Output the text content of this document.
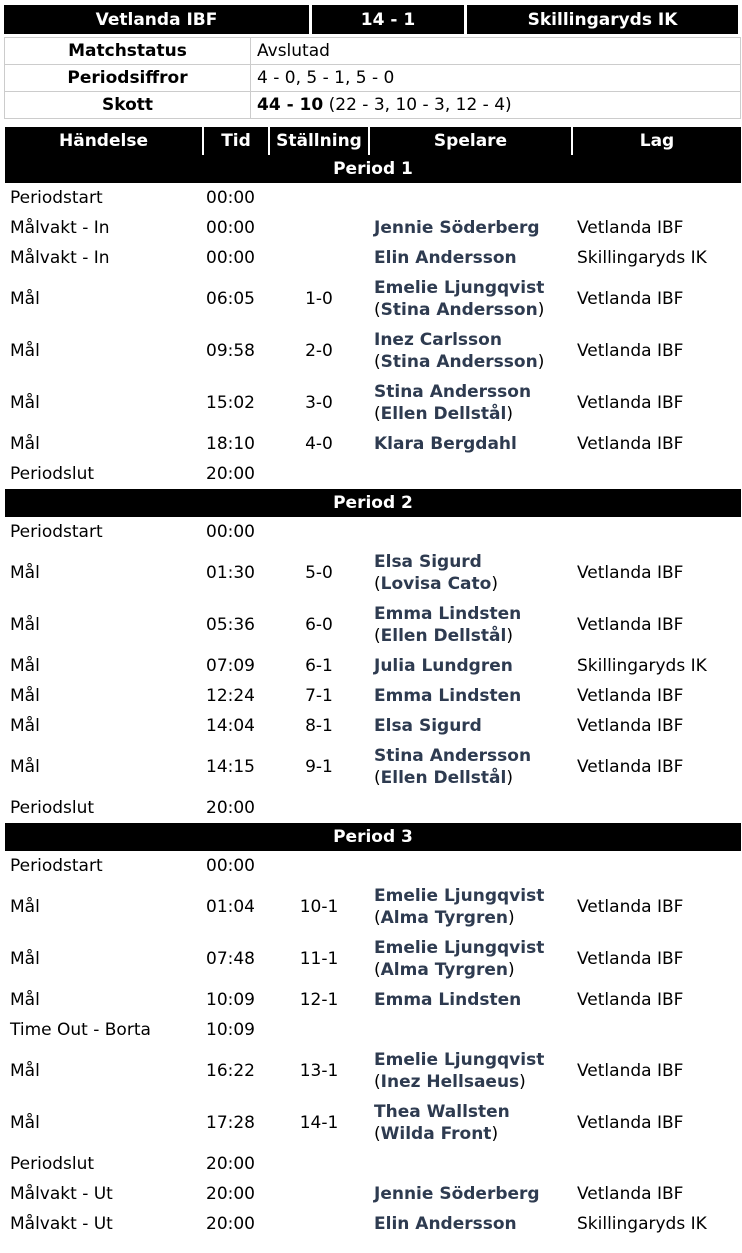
Vetlanda IBF	14 - 1	Skillingaryds IK
Matchstatus	Avslutad
Periodsiffror	4 - 0, 5 - 1, 5 - 0
Skott	44 - 10 (22 - 3, 10 - 3, 12 - 4)
Händelse	Tid	Ställning	Spelare	Lag
Period 1				
Periodstart	00:00			
Målvakt - In	00:00		Jennie Söderberg	Vetlanda IBF
Målvakt - In	00:00		Elin Andersson	Skillingaryds IK
Mål	06:05	1-0	Emelie Ljungqvist
(Stina Andersson)	Vetlanda IBF
Mål	09:58	2-0	Inez Carlsson
(Stina Andersson)	Vetlanda IBF
Mål	15:02	3-0	Stina Andersson
(Ellen Dellstål)	Vetlanda IBF
Mål	18:10	4-0	Klara Bergdahl	Vetlanda IBF
Periodslut	20:00			
Period 2				
Periodstart	00:00			
Mål	01:30	5-0	Elsa Sigurd
(Lovisa Cato)	Vetlanda IBF
Mål	05:36	6-0	Emma Lindsten
(Ellen Dellstål)	Vetlanda IBF
Mål	07:09	6-1	Julia Lundgren	Skillingaryds IK
Mål	12:24	7-1	Emma Lindsten	Vetlanda IBF
Mål	14:04	8-1	Elsa Sigurd	Vetlanda IBF
Mål	14:15	9-1	Stina Andersson
(Ellen Dellstål)	Vetlanda IBF
Periodslut	20:00			
Period 3				
Periodstart	00:00			
Mål	01:04	10-1	Emelie Ljungqvist
(Alma Tyrgren)	Vetlanda IBF
Mål	07:48	11-1	Emelie Ljungqvist
(Alma Tyrgren)	Vetlanda IBF
Mål	10:09	12-1	Emma Lindsten	Vetlanda IBF
Time Out - Borta	10:09			
Mål	16:22	13-1	Emelie Ljungqvist
(Inez Hellsaeus)	Vetlanda IBF
Mål	17:28	14-1	Thea Wallsten
(Wilda Front)	Vetlanda IBF
Periodslut	20:00			
Målvakt - Ut	20:00		Jennie Söderberg	Vetlanda IBF
Målvakt - Ut	20:00		Elin Andersson	Skillingaryds IK
